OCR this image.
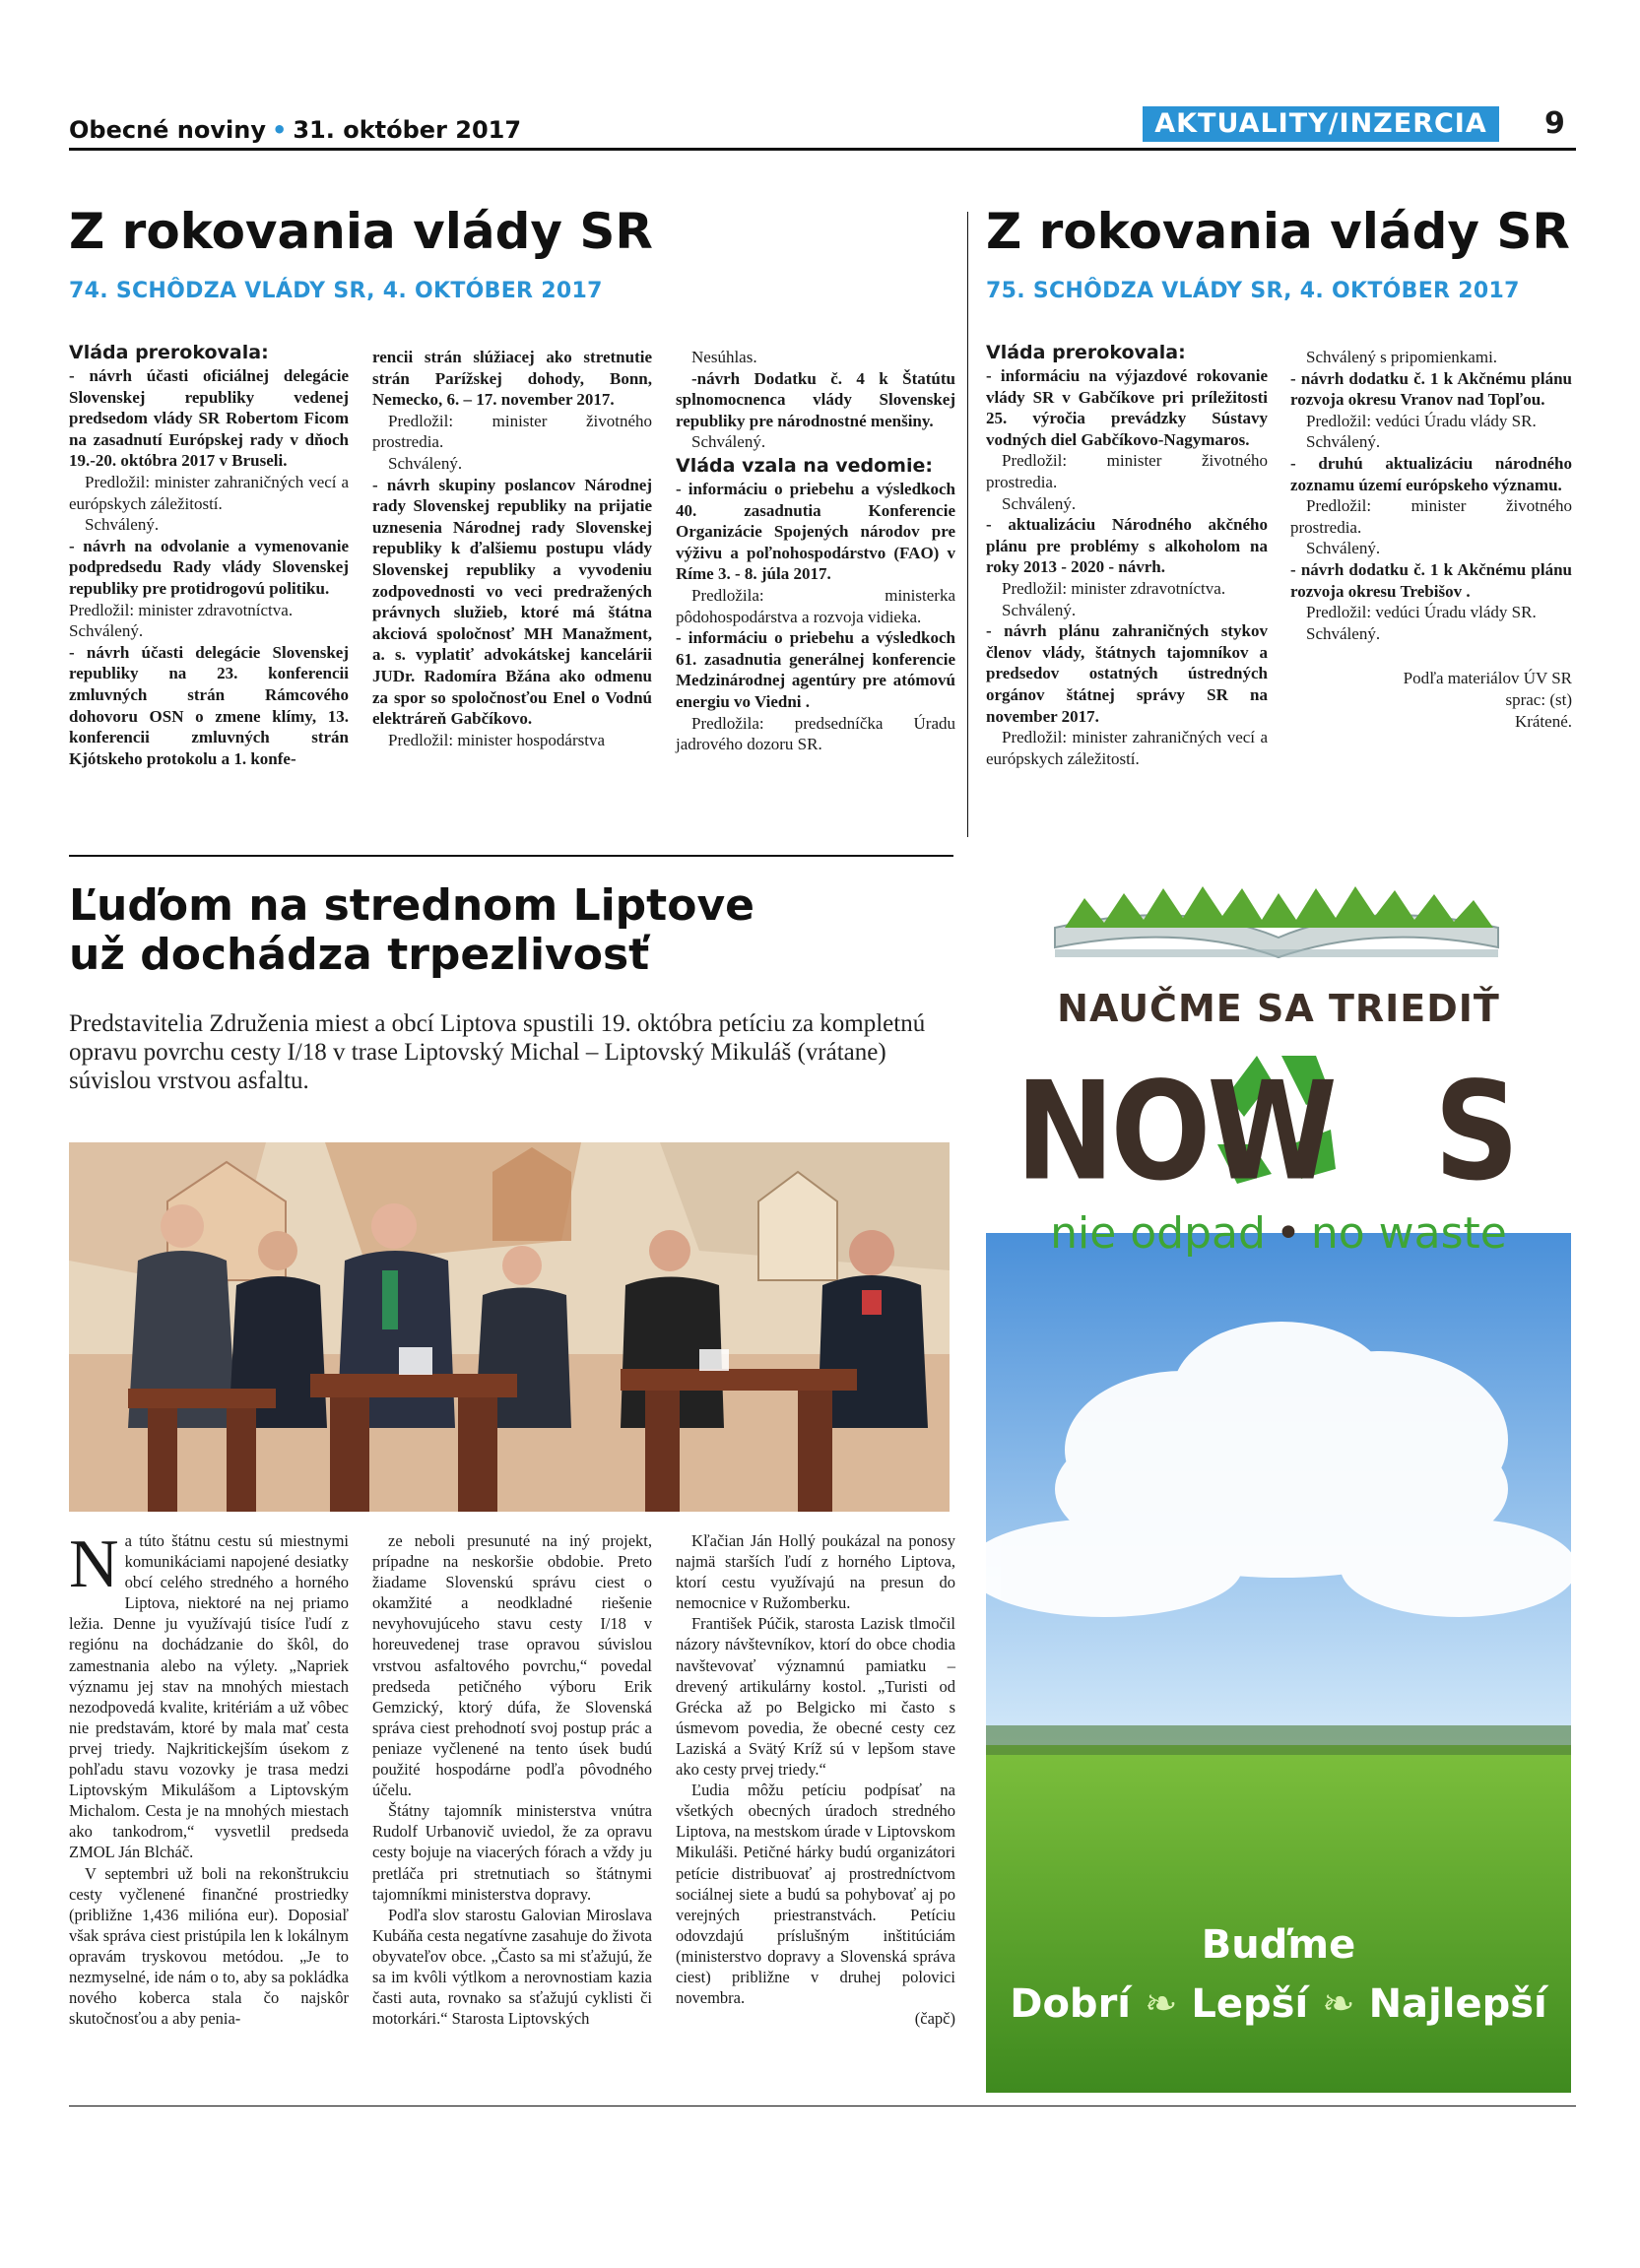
Obecné noviny • 31. október 2017	AKTUALITY/INZERCIA	9
Z rokovania vlády SR
74. SCHÔDZA VLÁDY SR, 4. OKTÓBER 2017

Vláda prerokovala:

- návrh účasti oficiálnej delegácie Slovenskej republiky vedenej predsedom vlády SR Robertom Ficom na zasadnutí Európskej rady v dňoch 19.-20. októbra 2017 v Bruseli.

Predložil: minister zahraničných vecí a európskych záležitostí.

Schválený.

- návrh na odvolanie a vymenovanie podpredsedu Rady vlády Slovenskej republiky pre protidrogovú politiku.

Predložil: minister zdravotníctva.

Schválený.

- návrh účasti delegácie Slovenskej republiky na 23. konferencii zmluvných strán Rámcového dohovoru OSN o zmene klímy, 13. konferencii zmluvných strán Kjótskeho protokolu a 1. konfe-

rencii strán slúžiacej ako stretnutie strán Parížskej dohody, Bonn, Nemecko, 6. – 17. november 2017.

Predložil: minister životného prostredia.

Schválený.

- návrh skupiny poslancov Národnej rady Slovenskej republiky na prijatie uznesenia Národnej rady Slovenskej republiky k ďalšiemu postupu vlády Slovenskej republiky a vyvodeniu zodpovednosti vo veci predražených právnych služieb, ktoré má štátna akciová spoločnosť MH Manažment, a. s. vyplatiť advokátskej kancelárii JUDr. Radomíra Bžána ako odmenu za spor so spoločnosťou Enel o Vodnú elektráreň Gabčíkovo.

Predložil: minister hospodárstva

Nesúhlas.

-návrh Dodatku č. 4 k Štatútu splnomocnenca vlády Slovenskej republiky pre národnostné menšiny.

Schválený.

Vláda vzala na vedomie:

- informáciu o priebehu a výsledkoch 40. zasadnutia Konferencie Organizácie Spojených národov pre výživu a poľnohospodárstvo (FAO) v Ríme 3. - 8. júla 2017.

Predložila: ministerka pôdohospodárstva a rozvoja vidieka.

- informáciu o priebehu a výsledkoch 61. zasadnutia generálnej konferencie Medzinárodnej agentúry pre atómovú energiu vo Viedni .

Predložila: predsedníčka Úradu jadrového dozoru SR.

Z rokovania vlády SR
75. SCHÔDZA VLÁDY SR, 4. OKTÓBER 2017

Vláda prerokovala:

- informáciu na výjazdové rokovanie vlády SR v Gabčíkove pri príležitosti 25. výročia prevádzky Sústavy vodných diel Gabčíkovo-Nagymaros.

Predložil: minister životného prostredia.

Schválený.

- aktualizáciu Národného akčného plánu pre problémy s alkoholom na roky 2013 - 2020 - návrh.

Predložil: minister zdravotníctva.

Schválený.

- návrh plánu zahraničných stykov členov vlády, štátnych tajomníkov a predsedov ostatných ústredných orgánov štátnej správy SR na november 2017.

Predložil: minister zahraničných vecí a európskych záležitostí.

Schválený s pripomienkami.

- návrh dodatku č. 1 k Akčnému plánu rozvoja okresu Vranov nad Topľou.

Predložil: vedúci Úradu vlády SR.

Schválený.

- druhú aktualizáciu národného zoznamu území európskeho významu.

Predložil: minister životného prostredia.

Schválený.

- návrh dodatku č. 1 k Akčnému plánu rozvoja okresu Trebišov .

Predložil: vedúci Úradu vlády SR.

Schválený.

Podľa materiálov ÚV SR

sprac: (st)

Krátené.

Ľuďom na strednom Liptove
už dochádza trpezlivosť
Predstavitelia Združenia miest a obcí Liptova spustili 19. októbra petíciu za kompletnú opravu povrchu cesty I/18 v trase Liptovský Michal – Liptovský Mikuláš (vrátane) súvislou vrstvou asfaltu.

Na túto štátnu cestu sú miestnymi komunikáciami napojené desiatky obcí celého stredného a horného Liptova, niektoré na nej priamo ležia. Denne ju využívajú tisíce ľudí z regiónu na dochádzanie do škôl, do zamestnania alebo na výlety. „Napriek významu jej stav na mnohých miestach nezodpovedá kvalite, kritériám a už vôbec nie predstavám, ktoré by mala mať cesta prvej triedy. Najkritickejším úsekom z pohľadu stavu vozovky je trasa medzi Liptovským Mikulášom a Liptovským Michalom. Cesta je na mnohých miestach ako tankodrom,“ vysvetlil predseda ZMOL Ján Blcháč.

V septembri už boli na rekonštrukciu cesty vyčlenené finančné prostriedky (približne 1,436 milióna eur). Doposiaľ však správa ciest pristúpila len k lokálnym opravám tryskovou metódou. „Je to nezmyselné, ide nám o to, aby sa pokládka nového koberca stala čo najskôr skutočnosťou a aby penia-

ze neboli presunuté na iný projekt, prípadne na neskoršie obdobie. Preto žiadame Slovenskú správu ciest o okamžité a neodkladné riešenie nevyhovujúceho stavu cesty I/18 v horeuvedenej trase opravou súvislou vrstvou asfaltového povrchu,“ povedal predseda petičného výboru Erik Gemzický, ktorý dúfa, že Slovenská správa ciest prehodnotí svoj postup prác a peniaze vyčlenené na tento úsek budú použité hospodárne podľa pôvodného účelu.

Štátny tajomník ministerstva vnútra Rudolf Urbanovič uviedol, že za opravu cesty bojuje na viacerých fórach a vždy ju pretláča pri stretnutiach so štátnymi tajomníkmi ministerstva dopravy.

Podľa slov starostu Galovian Miroslava Kubáňa cesta negatívne zasahuje do života obyvateľov obce. „Často sa mi sťažujú, že sa im kvôli výtlkom a nerovnostiam kazia časti auta, rovnako sa sťažujú cyklisti či motorkári.“ Starosta Liptovských

Kľačian Ján Hollý poukázal na ponosy najmä starších ľudí z horného Liptova, ktorí cestu využívajú na presun do nemocnice v Ružomberku.

František Púčik, starosta Lazisk tlmočil názory návštevníkov, ktorí do obce chodia navštevovať významnú pamiatku – drevený artikulárny kostol. „Turisti od Grécka až po Belgicko mi často s úsmevom povedia, že obecné cesty cez Laziská a Svätý Kríž sú v lepšom stave ako cesty prvej triedy.“

Ľudia môžu petíciu podpísať na všetkých obecných úradoch stredného Liptova, na mestskom úrade v Liptovskom Mikuláši. Petičné hárky budú organizátori petície distribuovať aj prostredníctvom sociálnej siete a budú sa pohybovať aj po verejných priestranstvách. Petíciu odovzdajú príslušným inštitúciám (ministerstvo dopravy a Slovenská správa ciest) približne v druhej polovici novembra.

(čapč)

NAUČME SA TRIEDIŤ
NOW S
nie odpad • no waste
Buďme
Dobrí ❧ Lepší ❧ Najlepší
